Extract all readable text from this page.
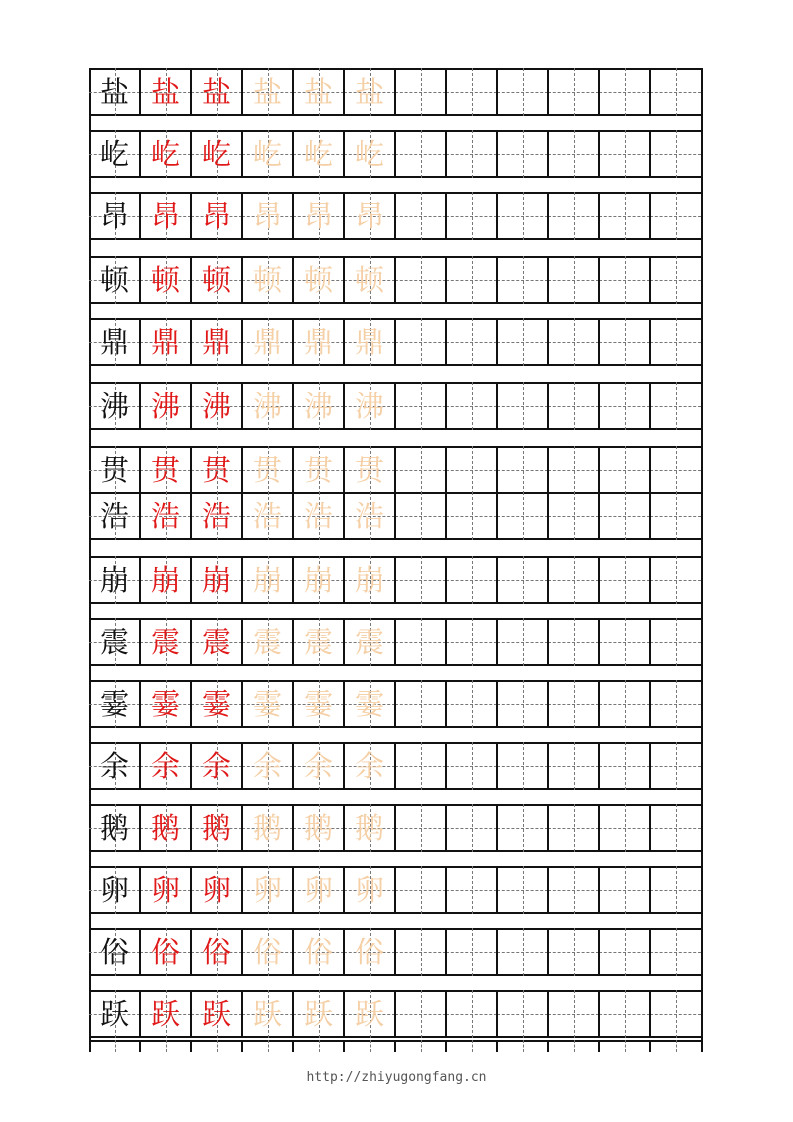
盐 盐 盐 盐 盐 盐
屹 屹 屹 屹 屹 屹
昂 昂 昂 昂 昂 昂
顿 顿 顿 顿 顿 顿
鼎 鼎 鼎 鼎 鼎 鼎
沸 沸 沸 沸 沸 沸
贯 贯 贯 贯 贯 贯
浩 浩 浩 浩 浩 浩
崩 崩 崩 崩 崩 崩
震 震 震 震 震 震
霎 霎 霎 霎 霎 霎
余 余 余 余 余 余
鹅 鹅 鹅 鹅 鹅 鹅
卵 卵 卵 卵 卵 卵
俗 俗 俗 俗 俗 俗
跃 跃 跃 跃 跃 跃
http://zhiyugongfang.cn
